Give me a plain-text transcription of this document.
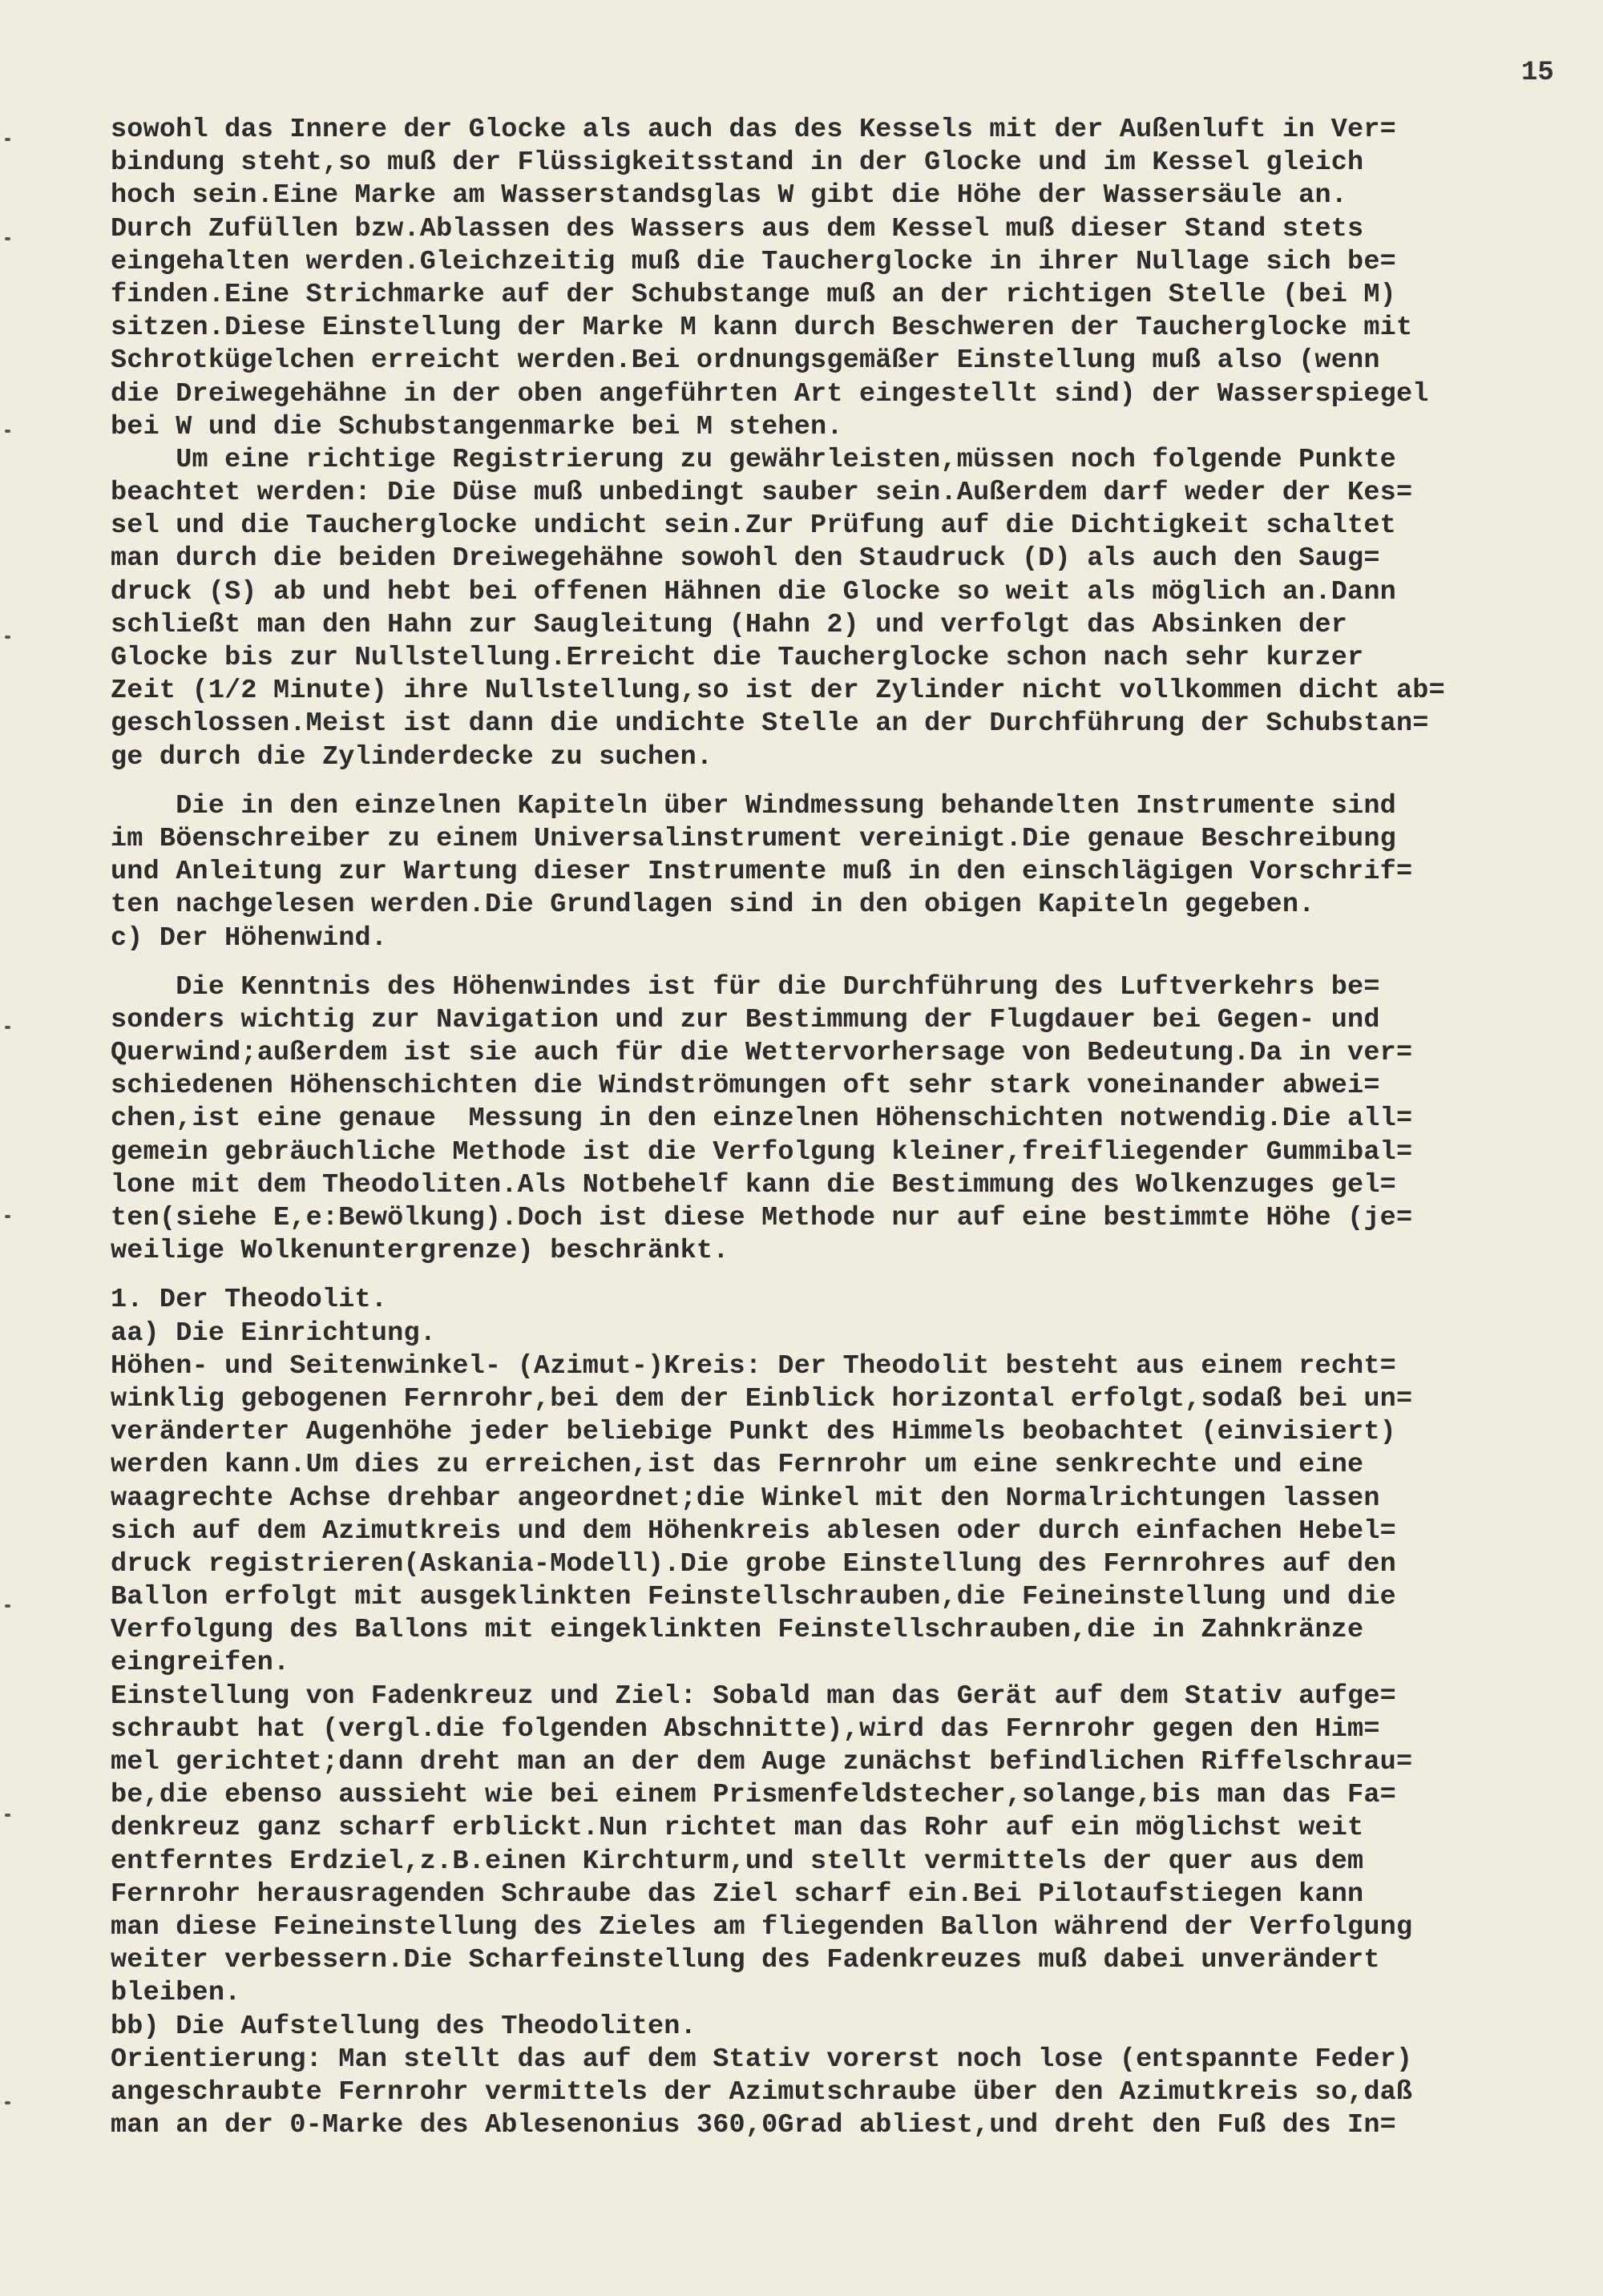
15
sowohl das Innere der Glocke als auch das des Kessels mit der Außenluft in Ver=
bindung steht,so muß der Flüssigkeitsstand in der Glocke und im Kessel gleich
hoch sein.Eine Marke am Wasserstandsglas W gibt die Höhe der Wassersäule an.
Durch Zufüllen bzw.Ablassen des Wassers aus dem Kessel muß dieser Stand stets
eingehalten werden.Gleichzeitig muß die Taucherglocke in ihrer Nullage sich be=
finden.Eine Strichmarke auf der Schubstange muß an der richtigen Stelle (bei M)
sitzen.Diese Einstellung der Marke M kann durch Beschweren der Taucherglocke mit
Schrotkügelchen erreicht werden.Bei ordnungsgemäßer Einstellung muß also (wenn
die Dreiwegehähne in der oben angeführten Art eingestellt sind) der Wasserspiegel
bei W und die Schubstangenmarke bei M stehen.
Um eine richtige Registrierung zu gewährleisten,müssen noch folgende Punkte
beachtet werden: Die Düse muß unbedingt sauber sein.Außerdem darf weder der Kes=
sel und die Taucherglocke undicht sein.Zur Prüfung auf die Dichtigkeit schaltet
man durch die beiden Dreiwegehähne sowohl den Staudruck (D) als auch den Saug=
druck (S) ab und hebt bei offenen Hähnen die Glocke so weit als möglich an.Dann
schließt man den Hahn zur Saugleitung (Hahn 2) und verfolgt das Absinken der
Glocke bis zur Nullstellung.Erreicht die Taucherglocke schon nach sehr kurzer
Zeit (1/2 Minute) ihre Nullstellung,so ist der Zylinder nicht vollkommen dicht ab=
geschlossen.Meist ist dann die undichte Stelle an der Durchführung der Schubstan=
ge durch die Zylinderdecke zu suchen.
Die in den einzelnen Kapiteln über Windmessung behandelten Instrumente sind
im Böenschreiber zu einem Universalinstrument vereinigt.Die genaue Beschreibung
und Anleitung zur Wartung dieser Instrumente muß in den einschlägigen Vorschrif=
ten nachgelesen werden.Die Grundlagen sind in den obigen Kapiteln gegeben.
c) Der Höhenwind.
Die Kenntnis des Höhenwindes ist für die Durchführung des Luftverkehrs be=
sonders wichtig zur Navigation und zur Bestimmung der Flugdauer bei Gegen- und
Querwind;außerdem ist sie auch für die Wettervorhersage von Bedeutung.Da in ver=
schiedenen Höhenschichten die Windströmungen oft sehr stark voneinander abwei=
chen,ist eine genaue  Messung in den einzelnen Höhenschichten notwendig.Die all=
gemein gebräuchliche Methode ist die Verfolgung kleiner,freifliegender Gummibal=
lone mit dem Theodoliten.Als Notbehelf kann die Bestimmung des Wolkenzuges gel=
ten(siehe E,e:Bewölkung).Doch ist diese Methode nur auf eine bestimmte Höhe (je=
weilige Wolkenuntergrenze) beschränkt.
1. Der Theodolit.
aa) Die Einrichtung.
Höhen- und Seitenwinkel- (Azimut-)Kreis: Der Theodolit besteht aus einem recht=
winklig gebogenen Fernrohr,bei dem der Einblick horizontal erfolgt,sodaß bei un=
veränderter Augenhöhe jeder beliebige Punkt des Himmels beobachtet (einvisiert)
werden kann.Um dies zu erreichen,ist das Fernrohr um eine senkrechte und eine
waagrechte Achse drehbar angeordnet;die Winkel mit den Normalrichtungen lassen
sich auf dem Azimutkreis und dem Höhenkreis ablesen oder durch einfachen Hebel=
druck registrieren(Askania-Modell).Die grobe Einstellung des Fernrohres auf den
Ballon erfolgt mit ausgeklinkten Feinstellschrauben,die Feineinstellung und die
Verfolgung des Ballons mit eingeklinkten Feinstellschrauben,die in Zahnkränze
eingreifen.
Einstellung von Fadenkreuz und Ziel: Sobald man das Gerät auf dem Stativ aufge=
schraubt hat (vergl.die folgenden Abschnitte),wird das Fernrohr gegen den Him=
mel gerichtet;dann dreht man an der dem Auge zunächst befindlichen Riffelschrau=
be,die ebenso aussieht wie bei einem Prismenfeldstecher,solange,bis man das Fa=
denkreuz ganz scharf erblickt.Nun richtet man das Rohr auf ein möglichst weit
entferntes Erdziel,z.B.einen Kirchturm,und stellt vermittels der quer aus dem
Fernrohr herausragenden Schraube das Ziel scharf ein.Bei Pilotaufstiegen kann
man diese Feineinstellung des Zieles am fliegenden Ballon während der Verfolgung
weiter verbessern.Die Scharfeinstellung des Fadenkreuzes muß dabei unverändert
bleiben.
bb) Die Aufstellung des Theodoliten.
Orientierung: Man stellt das auf dem Stativ vorerst noch lose (entspannte Feder)
angeschraubte Fernrohr vermittels der Azimutschraube über den Azimutkreis so,daß
man an der 0-Marke des Ablesenonius 360,0Grad abliest,und dreht den Fuß des In=
